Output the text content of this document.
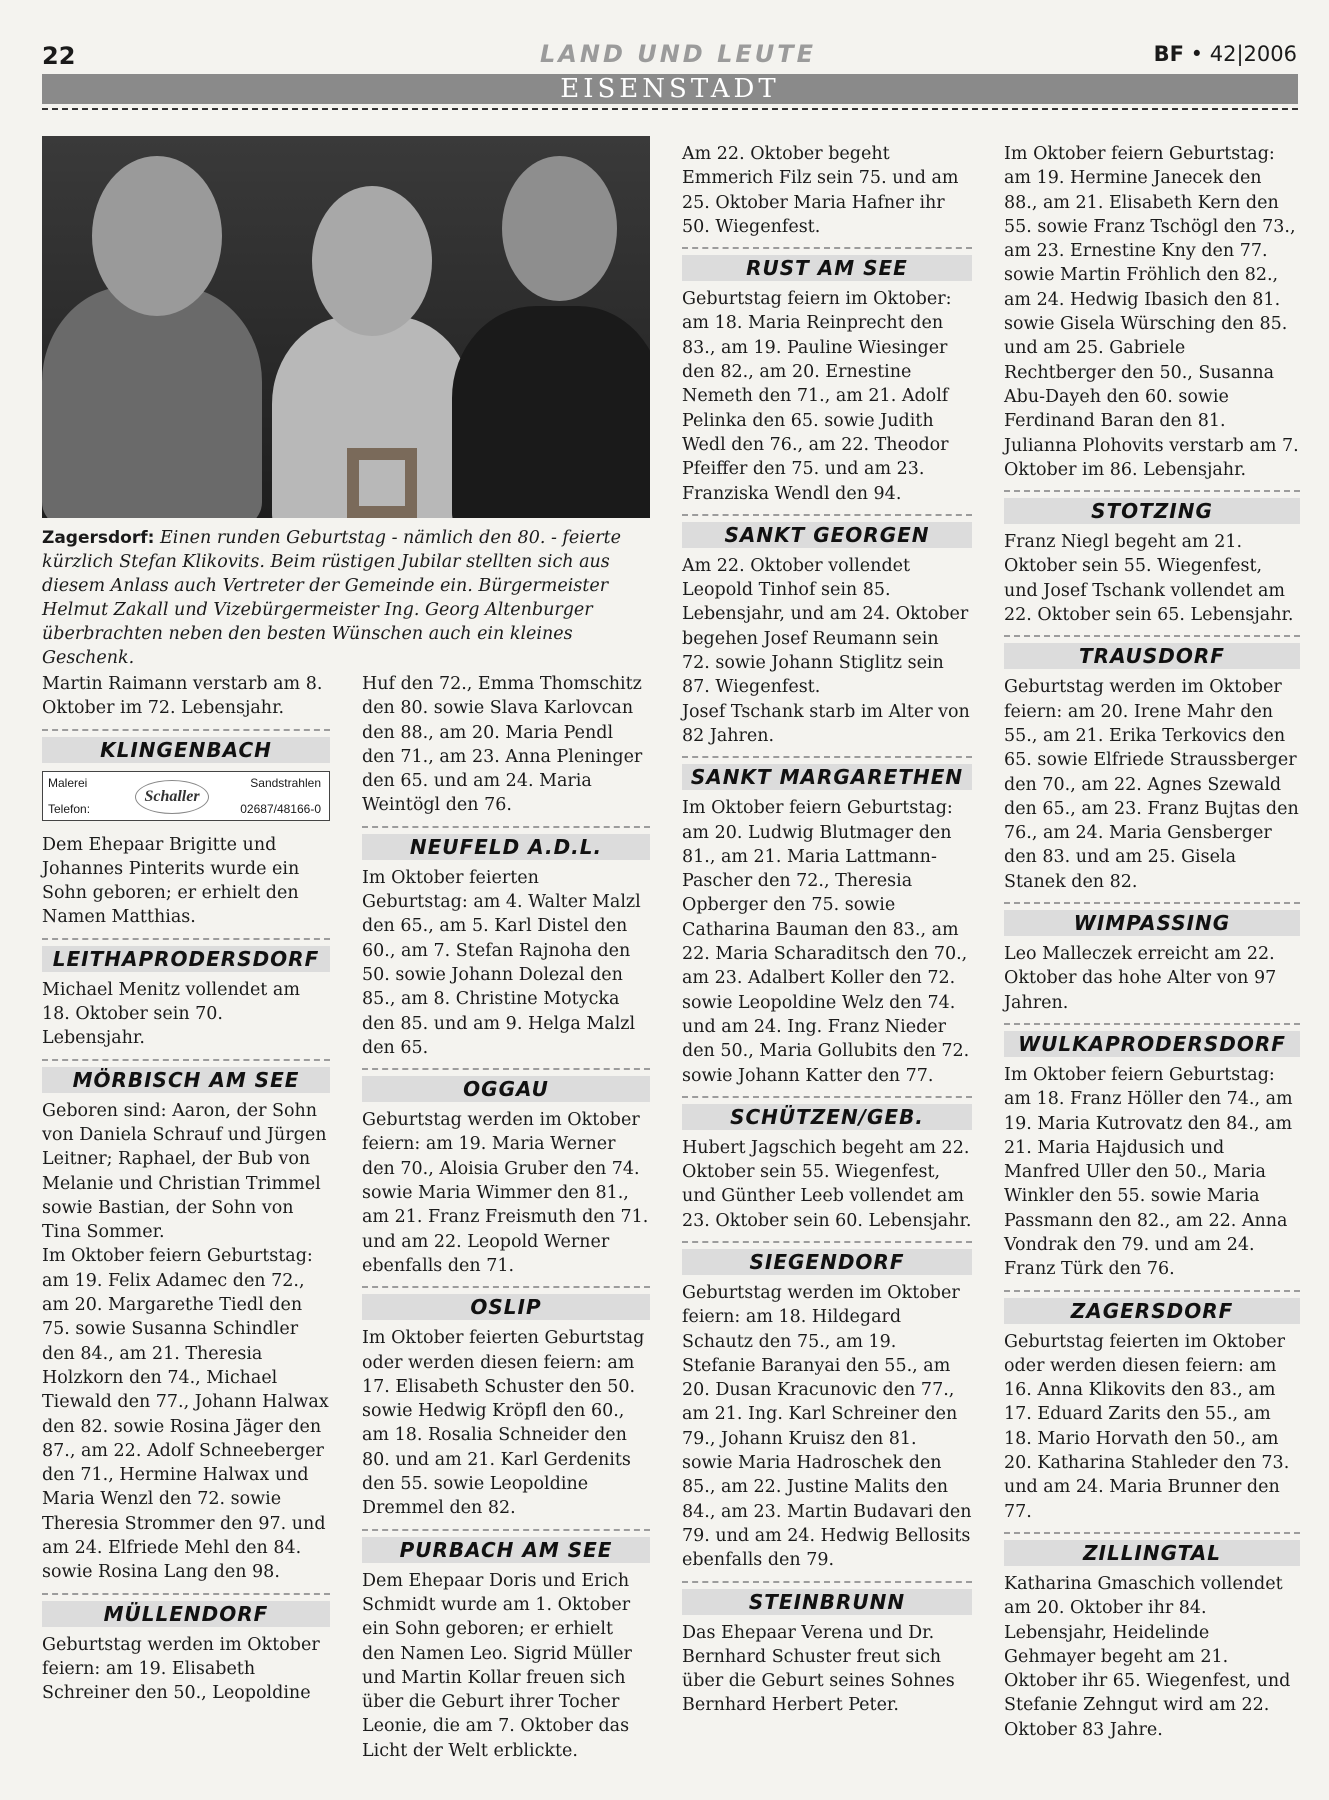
22	LAND UND LEUTE	BF • 42|2006
EISENSTADT
Zagersdorf: Einen runden Geburtstag - nämlich den 80. - feierte kürzlich Stefan Klikovits. Beim rüstigen Jubilar stellten sich aus diesem Anlass auch Vertreter der Gemeinde ein. Bürgermeister Helmut Zakall und Vizebürgermeister Ing. Georg Altenburger überbrachten neben den besten Wünschen auch ein kleines Geschenk.

Martin Raimann verstarb am 8. Oktober im 72. Lebensjahr.

KLINGENBACH
Malerei	Sandstrahlen
Telefon:	02687/48166-0
Schaller

Dem Ehepaar Brigitte und Johannes Pinterits wurde ein Sohn geboren; er erhielt den Namen Matthias.

LEITHAPRODERSDORF

Michael Menitz vollendet am 18. Oktober sein 70. Lebensjahr.

MÖRBISCH AM SEE

Geboren sind: Aaron, der Sohn von Daniela Schrauf und Jürgen Leitner; Raphael, der Bub von Melanie und Christian Trimmel sowie Bastian, der Sohn von Tina Sommer.

Im Oktober feiern Geburtstag: am 19. Felix Adamec den 72., am 20. Margarethe Tiedl den 75. sowie Susanna Schindler den 84., am 21. Theresia Holzkorn den 74., Michael Tiewald den 77., Johann Halwax den 82. sowie Rosina Jäger den 87., am 22. Adolf Schneeberger den 71., Hermine Halwax und Maria Wenzl den 72. sowie Theresia Strommer den 97. und am 24. Elfriede Mehl den 84. sowie Rosina Lang den 98.

MÜLLENDORF

Geburtstag werden im Oktober feiern: am 19. Elisabeth Schreiner den 50., Leopoldine

Huf den 72., Emma Thomschitz den 80. sowie Slava Karlovcan den 88., am 20. Maria Pendl den 71., am 23. Anna Pleninger den 65. und am 24. Maria Weintögl den 76.

NEUFELD A.D.L.

Im Oktober feierten Geburtstag: am 4. Walter Malzl den 65., am 5. Karl Distel den 60., am 7. Stefan Rajnoha den 50. sowie Johann Dolezal den 85., am 8. Christine Motycka den 85. und am 9. Helga Malzl den 65.

OGGAU

Geburtstag werden im Oktober feiern: am 19. Maria Werner den 70., Aloisia Gruber den 74. sowie Maria Wimmer den 81., am 21. Franz Freismuth den 71. und am 22. Leopold Werner ebenfalls den 71.

OSLIP

Im Oktober feierten Geburtstag oder werden diesen feiern: am 17. Elisabeth Schuster den 50. sowie Hedwig Kröpfl den 60., am 18. Rosalia Schneider den 80. und am 21. Karl Gerdenits den 55. sowie Leopoldine Dremmel den 82.

PURBACH AM SEE

Dem Ehepaar Doris und Erich Schmidt wurde am 1. Oktober ein Sohn geboren; er erhielt den Namen Leo. Sigrid Müller und Martin Kollar freuen sich über die Geburt ihrer Tocher Leonie, die am 7. Oktober das Licht der Welt erblickte.

Am 22. Oktober begeht Emmerich Filz sein 75. und am 25. Oktober Maria Hafner ihr 50. Wiegenfest.

RUST AM SEE

Geburtstag feiern im Oktober: am 18. Maria Reinprecht den 83., am 19. Pauline Wiesinger den 82., am 20. Ernestine Nemeth den 71., am 21. Adolf Pelinka den 65. sowie Judith Wedl den 76., am 22. Theodor Pfeiffer den 75. und am 23. Franziska Wendl den 94.

SANKT GEORGEN

Am 22. Oktober vollendet Leopold Tinhof sein 85. Lebensjahr, und am 24. Oktober begehen Josef Reumann sein 72. sowie Johann Stiglitz sein 87. Wiegenfest.

Josef Tschank starb im Alter von 82 Jahren.

SANKT MARGARETHEN

Im Oktober feiern Geburtstag: am 20. Ludwig Blutmager den 81., am 21. Maria Lattmann-Pascher den 72., Theresia Opberger den 75. sowie Catharina Bauman den 83., am 22. Maria Scharaditsch den 70., am 23. Adalbert Koller den 72. sowie Leopoldine Welz den 74. und am 24. Ing. Franz Nieder den 50., Maria Gollubits den 72. sowie Johann Katter den 77.

SCHÜTZEN/GEB.

Hubert Jagschich begeht am 22. Oktober sein 55. Wiegenfest, und Günther Leeb vollendet am 23. Oktober sein 60. Lebensjahr.

SIEGENDORF

Geburtstag werden im Oktober feiern: am 18. Hildegard Schautz den 75., am 19. Stefanie Baranyai den 55., am 20. Dusan Kracunovic den 77., am 21. Ing. Karl Schreiner den 79., Johann Kruisz den 81. sowie Maria Hadroschek den 85., am 22. Justine Malits den 84., am 23. Martin Budavari den 79. und am 24. Hedwig Bellosits ebenfalls den 79.

STEINBRUNN

Das Ehepaar Verena und Dr. Bernhard Schuster freut sich über die Geburt seines Sohnes Bernhard Herbert Peter.

Im Oktober feiern Geburtstag: am 19. Hermine Janecek den 88., am 21. Elisabeth Kern den 55. sowie Franz Tschögl den 73., am 23. Ernestine Kny den 77. sowie Martin Fröhlich den 82., am 24. Hedwig Ibasich den 81. sowie Gisela Würsching den 85. und am 25. Gabriele Rechtberger den 50., Susanna Abu-Dayeh den 60. sowie Ferdinand Baran den 81. Julianna Plohovits verstarb am 7. Oktober im 86. Lebensjahr.

STOTZING

Franz Niegl begeht am 21. Oktober sein 55. Wiegenfest, und Josef Tschank vollendet am 22. Oktober sein 65. Lebensjahr.

TRAUSDORF

Geburtstag werden im Oktober feiern: am 20. Irene Mahr den 55., am 21. Erika Terkovics den 65. sowie Elfriede Straussberger den 70., am 22. Agnes Szewald den 65., am 23. Franz Bujtas den 76., am 24. Maria Gensberger den 83. und am 25. Gisela Stanek den 82.

WIMPASSING

Leo Malleczek erreicht am 22. Oktober das hohe Alter von 97 Jahren.

WULKAPRODERSDORF

Im Oktober feiern Geburtstag: am 18. Franz Höller den 74., am 19. Maria Kutrovatz den 84., am 21. Maria Hajdusich und Manfred Uller den 50., Maria Winkler den 55. sowie Maria Passmann den 82., am 22. Anna Vondrak den 79. und am 24. Franz Türk den 76.

ZAGERSDORF

Geburtstag feierten im Oktober oder werden diesen feiern: am 16. Anna Klikovits den 83., am 17. Eduard Zarits den 55., am 18. Mario Horvath den 50., am 20. Katharina Stahleder den 73. und am 24. Maria Brunner den 77.

ZILLINGTAL

Katharina Gmaschich vollendet am 20. Oktober ihr 84. Lebensjahr, Heidelinde Gehmayer begeht am 21. Oktober ihr 65. Wiegenfest, und Stefanie Zehngut wird am 22. Oktober 83 Jahre.
